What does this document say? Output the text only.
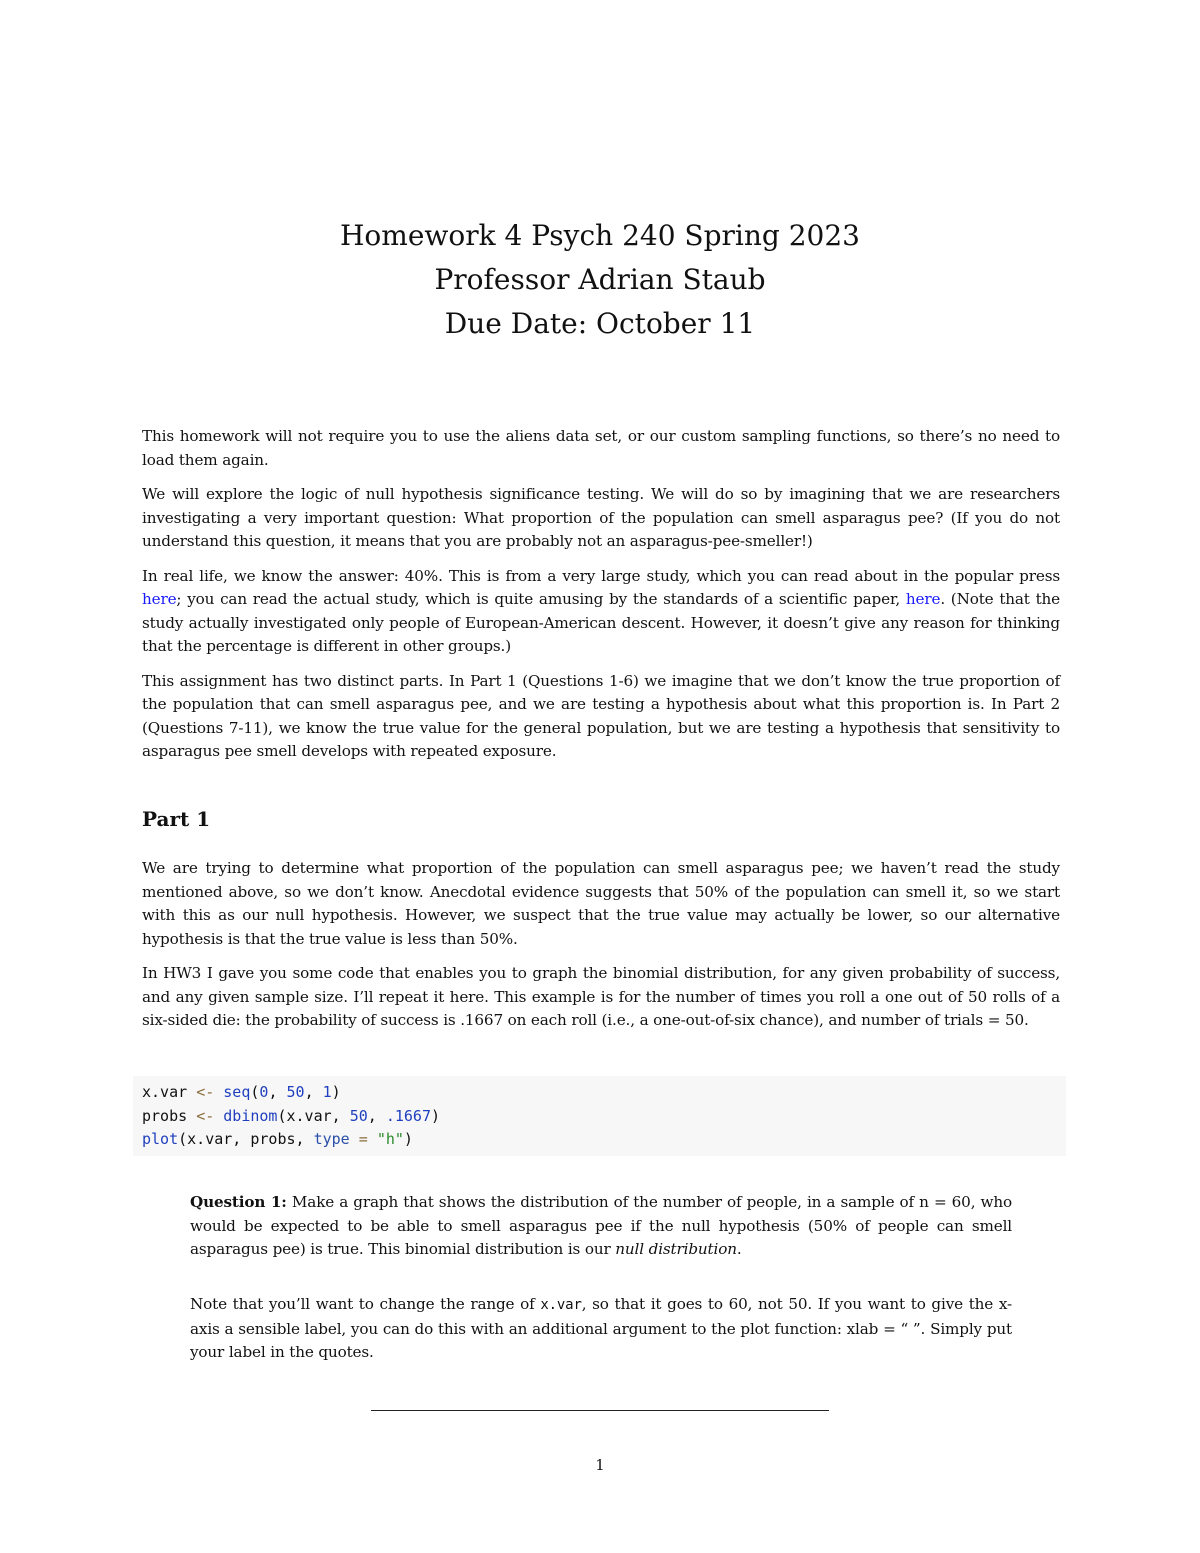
Homework 4 Psych 240 Spring 2023
Professor Adrian Staub
Due Date: October 11

This homework will not require you to use the aliens data set, or our custom sampling functions, so there’s no need to load them again.

We will explore the logic of null hypothesis significance testing. We will do so by imagining that we are researchers investigating a very important question: What proportion of the population can smell asparagus pee? (If you do not understand this question, it means that you are probably not an asparagus-pee-smeller!)

In real life, we know the answer: 40%. This is from a very large study, which you can read about in the popular press here; you can read the actual study, which is quite amusing by the standards of a scientific paper, here. (Note that the study actually investigated only people of European-American descent. However, it doesn’t give any reason for thinking that the percentage is different in other groups.)

This assignment has two distinct parts. In Part 1 (Questions 1-6) we imagine that we don’t know the true proportion of the population that can smell asparagus pee, and we are testing a hypothesis about what this proportion is. In Part 2 (Questions 7-11), we know the true value for the general population, but we are testing a hypothesis that sensitivity to asparagus pee smell develops with repeated exposure.

Part 1

We are trying to determine what proportion of the population can smell asparagus pee; we haven’t read the study mentioned above, so we don’t know. Anecdotal evidence suggests that 50% of the population can smell it, so we start with this as our null hypothesis. However, we suspect that the true value may actually be lower, so our alternative hypothesis is that the true value is less than 50%.

In HW3 I gave you some code that enables you to graph the binomial distribution, for any given probability of success, and any given sample size. I’ll repeat it here. This example is for the number of times you roll a one out of 50 rolls of a six-sided die: the probability of success is .1667 on each roll (i.e., a one-out-of-six chance), and number of trials = 50.

x.var <- seq(0, 50, 1)
probs <- dbinom(x.var, 50, .1667)
plot(x.var, probs, type = "h")
Question 1: Make a graph that shows the distribution of the number of people, in a sample of n = 60, who would be expected to be able to smell asparagus pee if the null hypothesis (50% of people can smell asparagus pee) is true. This binomial distribution is our null distribution.
Note that you’ll want to change the range of x.var, so that it goes to 60, not 50. If you want to give the x-axis a sensible label, you can do this with an additional argument to the plot function: xlab = “ ”. Simply put your label in the quotes.
1
